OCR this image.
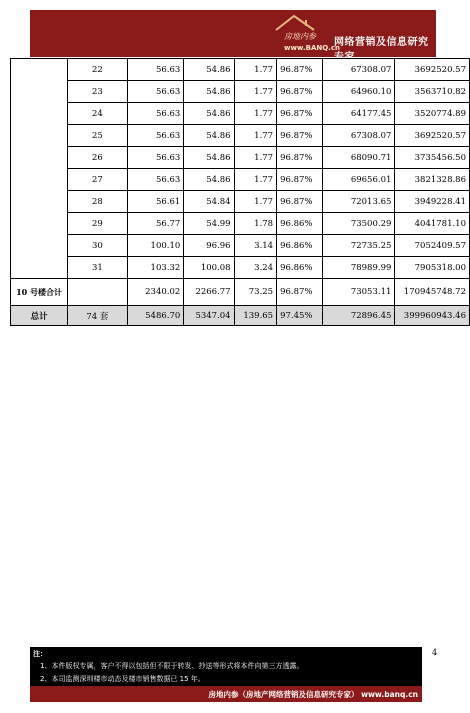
房地内参
www.BANQ.cn
网络营销及信息研究专家
	22	56.63	54.86	1.77	96.87%	67308.07	3692520.57
	23	56.63	54.86	1.77	96.87%	64960.10	3563710.82
	24	56.63	54.86	1.77	96.87%	64177.45	3520774.89
	25	56.63	54.86	1.77	96.87%	67308.07	3692520.57
	26	56.63	54.86	1.77	96.87%	68090.71	3735456.50
	27	56.63	54.86	1.77	96.87%	69656.01	3821328.86
	28	56.61	54.84	1.77	96.87%	72013.65	3949228.41
	29	56.77	54.99	1.78	96.86%	73500.29	4041781.10
	30	100.10	96.96	3.14	96.86%	72735.25	7052409.57
	31	103.32	100.08	3.24	96.86%	78989.99	7905318.00
10 号楼合计		2340.02	2266.77	73.25	96.87%	73053.11	170945748.72
总计	74 套	5486.70	5347.04	139.65	97.45%	72896.45	399960943.46
注：
1、本件版权专属，客户不得以包括但不限于转发、抄送等形式将本件向第三方透露。
2、本司监测深圳楼市动态及楼市销售数据已 15 年。
4
房地内参（房地产网络营销及信息研究专家） www.banq.cn
